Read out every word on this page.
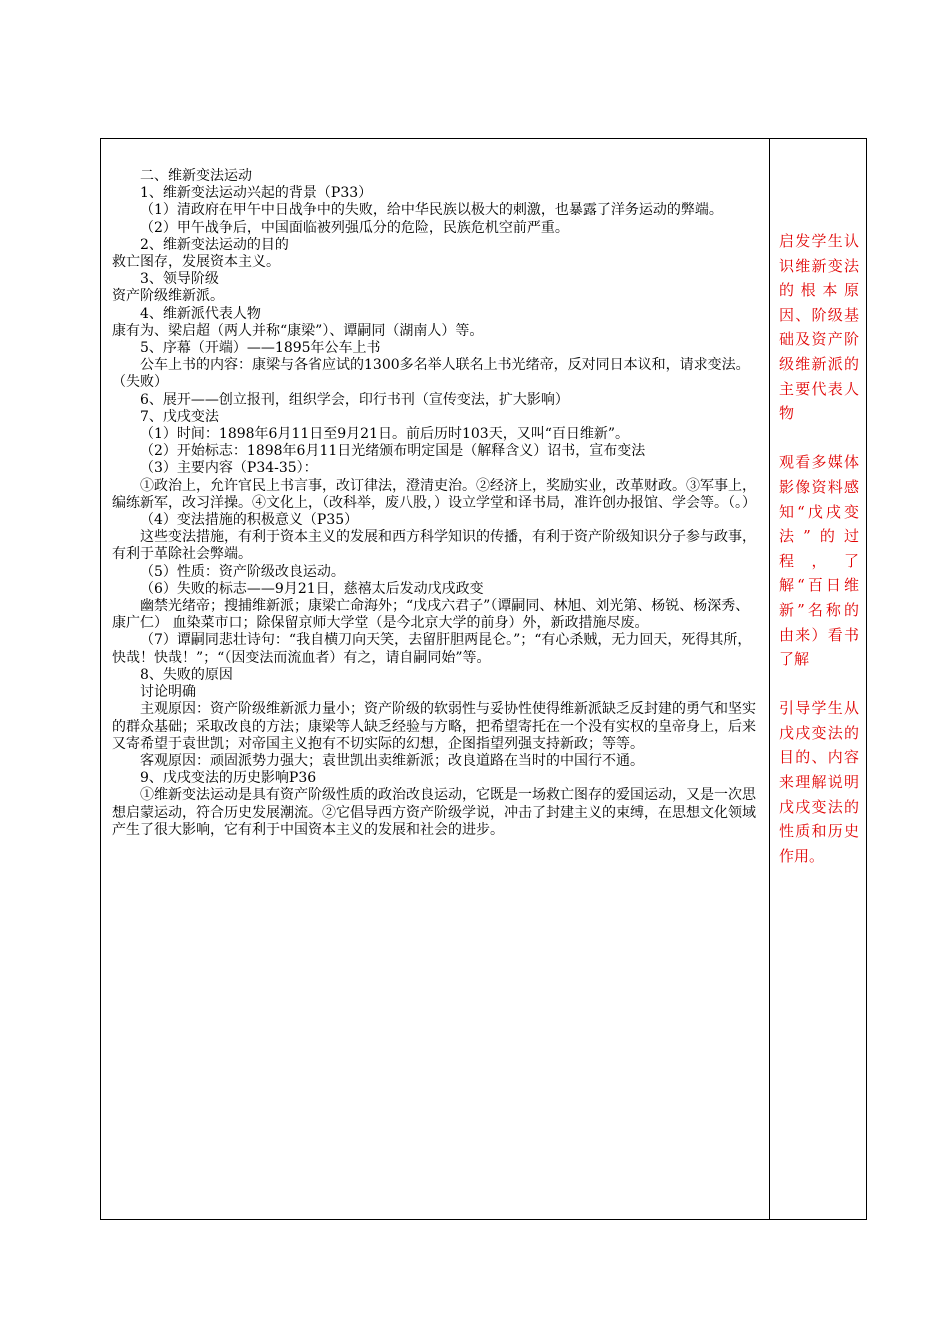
二、维新变法运动

1、维新变法运动兴起的背景（P33）

（1）清政府在甲午中日战争中的失败，给中华民族以极大的刺激，也暴露了洋务运动的弊端。

（2）甲午战争后，中国面临被列强瓜分的危险，民族危机空前严重。

2、维新变法运动的目的

救亡图存，发展资本主义。

3、领导阶级

资产阶级维新派。

4、维新派代表人物

康有为、梁启超（两人并称“康梁”）、谭嗣同（湖南人）等。

5、序幕（开端）——1895年公车上书

公车上书的内容：康梁与各省应试的1300多名举人联名上书光绪帝，反对同日本议和，请求变法。（失败）

6、展开——创立报刊，组织学会，印行书刊（宣传变法，扩大影响）

7、戊戌变法

（1）时间：1898年6月11日至9月21日。前后历时103天，又叫“百日维新”。

（2）开始标志：1898年6月11日光绪颁布明定国是（解释含义）诏书，宣布变法

（3）主要内容（P34-35）：

①政治上，允许官民上书言事，改订律法，澄清吏治。②经济上，奖励实业，改革财政。③军事上，编练新军，改习洋操。④文化上，（改科举，废八股，）设立学堂和译书局，准许创办报馆、学会等。（。）

（4）变法措施的积极意义（P35）

这些变法措施，有利于资本主义的发展和西方科学知识的传播，有利于资产阶级知识分子参与政事，有利于革除社会弊端。

（5）性质：资产阶级改良运动。

（6）失败的标志——9月21日，慈禧太后发动戊戌政变

幽禁光绪帝；搜捕维新派；康梁亡命海外；“戊戌六君子”（谭嗣同、林旭、刘光第、杨锐、杨深秀、康广仁） 血染菜市口；除保留京师大学堂（是今北京大学的前身）外，新政措施尽废。

（7）谭嗣同悲壮诗句：“我自横刀向天笑，去留肝胆两昆仑。”；“有心杀贼，无力回天，死得其所，快哉！快哉！”；“（因变法而流血者）有之，请自嗣同始”等。

8、失败的原因

讨论明确

主观原因：资产阶级维新派力量小；资产阶级的软弱性与妥协性使得维新派缺乏反封建的勇气和坚实的群众基础；采取改良的方法；康梁等人缺乏经验与方略，把希望寄托在一个没有实权的皇帝身上，后来又寄希望于袁世凯；对帝国主义抱有不切实际的幻想，企图指望列强支持新政；等等。

客观原因：顽固派势力强大；袁世凯出卖维新派；改良道路在当时的中国行不通。

9、戊戌变法的历史影响P36

①维新变法运动是具有资产阶级性质的政治改良运动，它既是一场救亡图存的爱国运动，又是一次思想启蒙运动，符合历史发展潮流。②它倡导西方资产阶级学说，冲击了封建主义的束缚，在思想文化领域产生了很大影响，它有利于中国资本主义的发展和社会的进步。

启发学生认识维新变法的根本原因、阶级基础及资产阶级维新派的主要代表人物

观看多媒体影像资料感知“戊戌变法”的过程，了解“百日维新”名称的由来）看书了解

引导学生从戊戌变法的目的、内容来理解说明戊戌变法的性质和历史作用。
